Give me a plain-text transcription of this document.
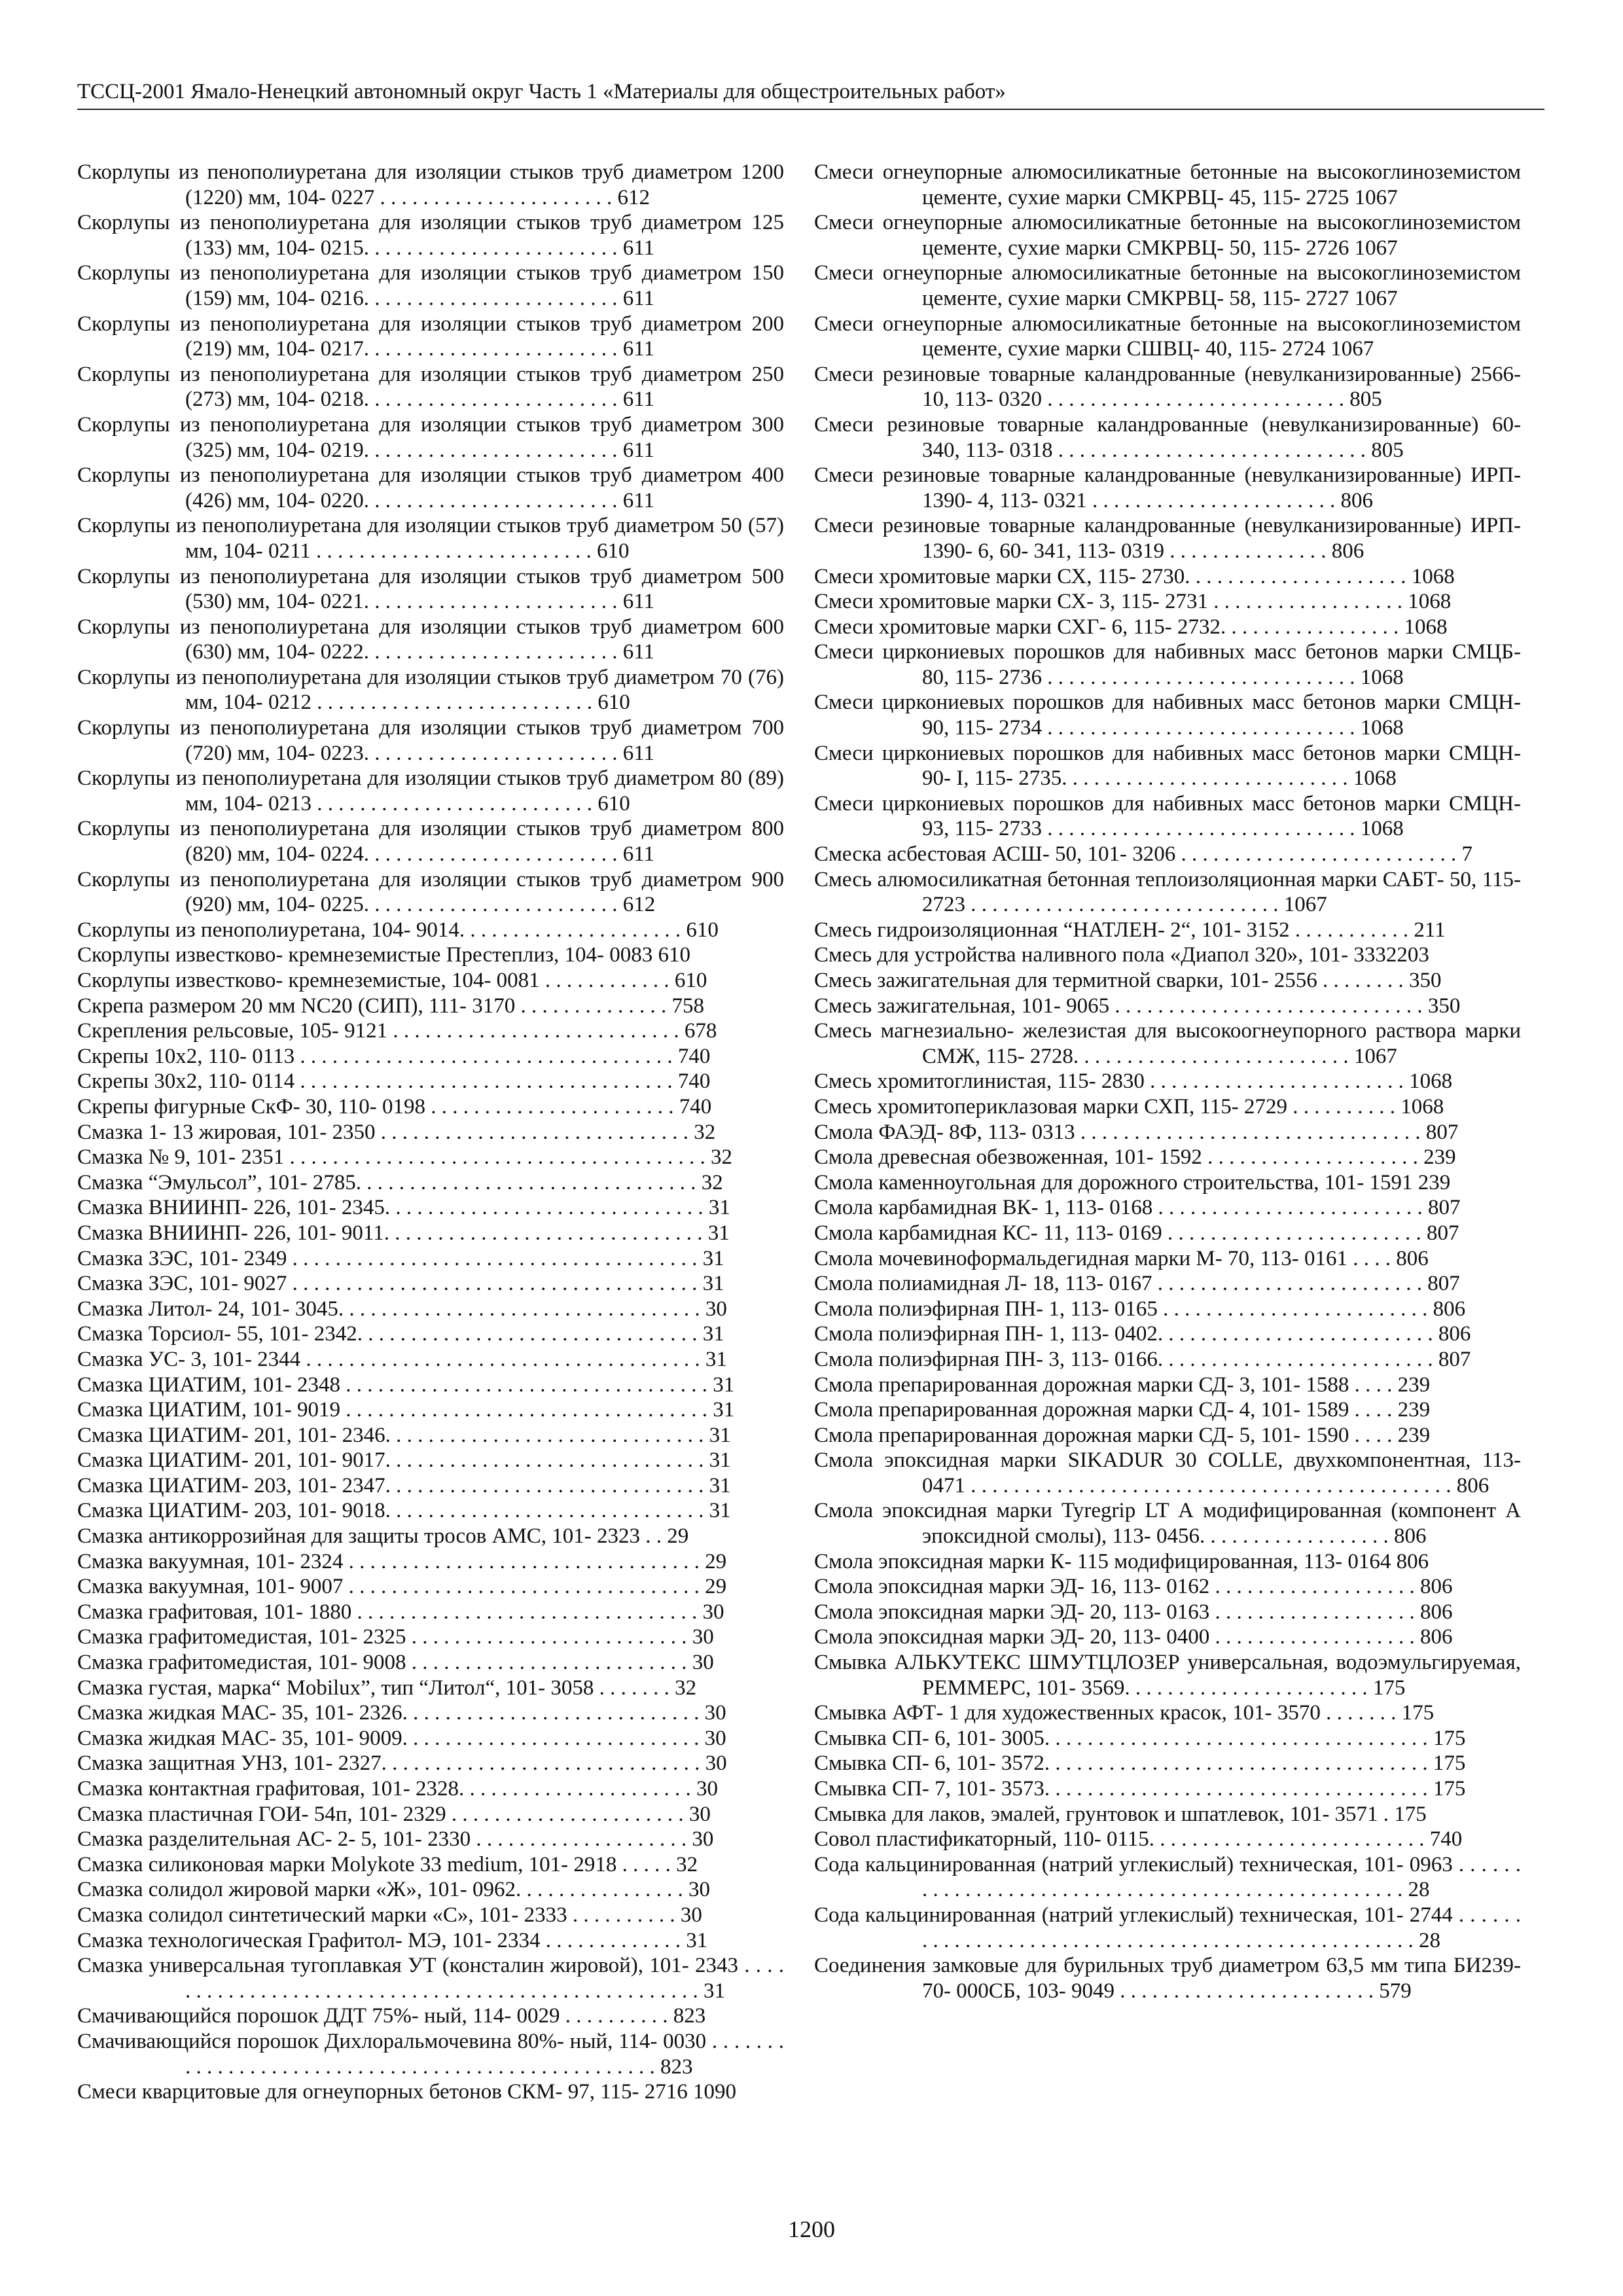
ТССЦ-2001 Ямало-Ненецкий автономный округ Часть 1 «Материалы для общестроительных работ»

Скорлупы из пенополиуретана для изоляции стыков труб диаметром 1200 (1220) мм, 104- 0227 . . . . . . . . . . . . . . . . . . . . . . 612

Скорлупы из пенополиуретана для изоляции стыков труб диаметром 125 (133) мм, 104- 0215. . . . . . . . . . . . . . . . . . . . . . . . 611

Скорлупы из пенополиуретана для изоляции стыков труб диаметром 150 (159) мм, 104- 0216. . . . . . . . . . . . . . . . . . . . . . . . 611

Скорлупы из пенополиуретана для изоляции стыков труб диаметром 200 (219) мм, 104- 0217. . . . . . . . . . . . . . . . . . . . . . . . 611

Скорлупы из пенополиуретана для изоляции стыков труб диаметром 250 (273) мм, 104- 0218. . . . . . . . . . . . . . . . . . . . . . . . 611

Скорлупы из пенополиуретана для изоляции стыков труб диаметром 300 (325) мм, 104- 0219. . . . . . . . . . . . . . . . . . . . . . . . 611

Скорлупы из пенополиуретана для изоляции стыков труб диаметром 400 (426) мм, 104- 0220. . . . . . . . . . . . . . . . . . . . . . . . 611

Скорлупы из пенополиуретана для изоляции стыков труб диаметром 50 (57) мм, 104- 0211 . . . . . . . . . . . . . . . . . . . . . . . . . . 610

Скорлупы из пенополиуретана для изоляции стыков труб диаметром 500 (530) мм, 104- 0221. . . . . . . . . . . . . . . . . . . . . . . . 611

Скорлупы из пенополиуретана для изоляции стыков труб диаметром 600 (630) мм, 104- 0222. . . . . . . . . . . . . . . . . . . . . . . . 611

Скорлупы из пенополиуретана для изоляции стыков труб диаметром 70 (76) мм, 104- 0212 . . . . . . . . . . . . . . . . . . . . . . . . . . 610

Скорлупы из пенополиуретана для изоляции стыков труб диаметром 700 (720) мм, 104- 0223. . . . . . . . . . . . . . . . . . . . . . . . 611

Скорлупы из пенополиуретана для изоляции стыков труб диаметром 80 (89) мм, 104- 0213 . . . . . . . . . . . . . . . . . . . . . . . . . . 610

Скорлупы из пенополиуретана для изоляции стыков труб диаметром 800 (820) мм, 104- 0224. . . . . . . . . . . . . . . . . . . . . . . . 611

Скорлупы из пенополиуретана для изоляции стыков труб диаметром 900 (920) мм, 104- 0225. . . . . . . . . . . . . . . . . . . . . . . . 612

Скорлупы из пенополиуретана, 104- 9014. . . . . . . . . . . . . . . . . . . . . 610

Скорлупы известково- кремнеземистые Престеплиз, 104- 0083 610

Скорлупы известково- кремнеземистые, 104- 0081 . . . . . . . . . . . . 610

Скрепа размером 20 мм NC20 (СИП), 111- 3170 . . . . . . . . . . . . . . 758

Скрепления рельсовые, 105- 9121 . . . . . . . . . . . . . . . . . . . . . . . . . . . 678

Скрепы 10х2, 110- 0113 . . . . . . . . . . . . . . . . . . . . . . . . . . . . . . . . . . . 740

Скрепы 30х2, 110- 0114 . . . . . . . . . . . . . . . . . . . . . . . . . . . . . . . . . . . 740

Скрепы фигурные СкФ- 30, 110- 0198 . . . . . . . . . . . . . . . . . . . . . . . 740

Смазка 1- 13 жировая, 101- 2350 . . . . . . . . . . . . . . . . . . . . . . . . . . . . . 32

Смазка № 9, 101- 2351 . . . . . . . . . . . . . . . . . . . . . . . . . . . . . . . . . . . . . . . 32

Смазка “Эмульсол”, 101- 2785. . . . . . . . . . . . . . . . . . . . . . . . . . . . . . . . 32

Смазка ВНИИНП- 226, 101- 2345. . . . . . . . . . . . . . . . . . . . . . . . . . . . . . 31

Смазка ВНИИНП- 226, 101- 9011. . . . . . . . . . . . . . . . . . . . . . . . . . . . . . 31

Смазка ЗЭС, 101- 2349 . . . . . . . . . . . . . . . . . . . . . . . . . . . . . . . . . . . . . . 31

Смазка ЗЭС, 101- 9027 . . . . . . . . . . . . . . . . . . . . . . . . . . . . . . . . . . . . . . 31

Смазка Литол- 24, 101- 3045. . . . . . . . . . . . . . . . . . . . . . . . . . . . . . . . . . 30

Смазка Торсиол- 55, 101- 2342. . . . . . . . . . . . . . . . . . . . . . . . . . . . . . . . 31

Смазка УС- 3, 101- 2344 . . . . . . . . . . . . . . . . . . . . . . . . . . . . . . . . . . . . . 31

Смазка ЦИАТИМ, 101- 2348 . . . . . . . . . . . . . . . . . . . . . . . . . . . . . . . . . . 31

Смазка ЦИАТИМ, 101- 9019 . . . . . . . . . . . . . . . . . . . . . . . . . . . . . . . . . . 31

Смазка ЦИАТИМ- 201, 101- 2346. . . . . . . . . . . . . . . . . . . . . . . . . . . . . . 31

Смазка ЦИАТИМ- 201, 101- 9017. . . . . . . . . . . . . . . . . . . . . . . . . . . . . . 31

Смазка ЦИАТИМ- 203, 101- 2347. . . . . . . . . . . . . . . . . . . . . . . . . . . . . . 31

Смазка ЦИАТИМ- 203, 101- 9018. . . . . . . . . . . . . . . . . . . . . . . . . . . . . . 31

Смазка антикоррозийная для защиты тросов АМС, 101- 2323 . . 29

Смазка вакуумная, 101- 2324 . . . . . . . . . . . . . . . . . . . . . . . . . . . . . . . . . 29

Смазка вакуумная, 101- 9007 . . . . . . . . . . . . . . . . . . . . . . . . . . . . . . . . . 29

Смазка графитовая, 101- 1880 . . . . . . . . . . . . . . . . . . . . . . . . . . . . . . . . 30

Смазка графитомедистая, 101- 2325 . . . . . . . . . . . . . . . . . . . . . . . . . . 30

Смазка графитомедистая, 101- 9008 . . . . . . . . . . . . . . . . . . . . . . . . . . 30

Смазка густая, марка“ Mobilux”, тип “Литол“, 101- 3058 . . . . . . . 32

Смазка жидкая МАС- 35, 101- 2326. . . . . . . . . . . . . . . . . . . . . . . . . . . . 30

Смазка жидкая МАС- 35, 101- 9009. . . . . . . . . . . . . . . . . . . . . . . . . . . . 30

Смазка защитная УНЗ, 101- 2327. . . . . . . . . . . . . . . . . . . . . . . . . . . . . . 30

Смазка контактная графитовая, 101- 2328. . . . . . . . . . . . . . . . . . . . . . 30

Смазка пластичная ГОИ- 54п, 101- 2329 . . . . . . . . . . . . . . . . . . . . . . 30

Смазка разделительная АС- 2- 5, 101- 2330 . . . . . . . . . . . . . . . . . . . . 30

Смазка силиконовая марки Molykote 33 medium, 101- 2918 . . . . . 32

Смазка солидол жировой марки «Ж», 101- 0962. . . . . . . . . . . . . . . . 30

Смазка солидол синтетический марки «С», 101- 2333 . . . . . . . . . . 30

Смазка технологическая Графитол- МЭ, 101- 2334 . . . . . . . . . . . . . 31

Смазка универсальная тугоплавкая УТ (консталин жировой), 101- 2343 . . . . . . . . . . . . . . . . . . . . . . . . . . . . . . . . . . . . . . . . . . . . . . . . . . . . 31

Смачивающийся порошок ДДТ 75%- ный, 114- 0029 . . . . . . . . . . 823

Смачивающийся порошок Дихлоральмочевина 80%- ный, 114- 0030 . . . . . . . . . . . . . . . . . . . . . . . . . . . . . . . . . . . . . . . . . . . . . . . . . . . 823

Смеси кварцитовые для огнеупорных бетонов СКМ- 97, 115- 2716 1090

Смеси огнеупорные алюмосиликатные бетонные на высокоглиноземистом цементе, сухие марки СМКРВЦ- 45, 115- 2725 1067

Смеси огнеупорные алюмосиликатные бетонные на высокоглиноземистом цементе, сухие марки СМКРВЦ- 50, 115- 2726 1067

Смеси огнеупорные алюмосиликатные бетонные на высокоглиноземистом цементе, сухие марки СМКРВЦ- 58, 115- 2727 1067

Смеси огнеупорные алюмосиликатные бетонные на высокоглиноземистом цементе, сухие марки СШВЦ- 40, 115- 2724 1067

Смеси резиновые товарные каландрованные (невулканизированные) 2566- 10, 113- 0320 . . . . . . . . . . . . . . . . . . . . . . . . . . . . 805

Смеси резиновые товарные каландрованные (невулканизированные) 60- 340, 113- 0318 . . . . . . . . . . . . . . . . . . . . . . . . . . . . . 805

Смеси резиновые товарные каландрованные (невулканизированные) ИРП- 1390- 4, 113- 0321 . . . . . . . . . . . . . . . . . . . . . . . 806

Смеси резиновые товарные каландрованные (невулканизированные) ИРП- 1390- 6, 60- 341, 113- 0319 . . . . . . . . . . . . . . . 806

Смеси хромитовые марки СХ, 115- 2730. . . . . . . . . . . . . . . . . . . . . 1068

Смеси хромитовые марки СХ- 3, 115- 2731 . . . . . . . . . . . . . . . . . . 1068

Смеси хромитовые марки СХГ- 6, 115- 2732. . . . . . . . . . . . . . . . . 1068

Смеси циркониевых порошков для набивных масс бетонов марки СМЦБ- 80, 115- 2736 . . . . . . . . . . . . . . . . . . . . . . . . . . . . . 1068

Смеси циркониевых порошков для набивных масс бетонов марки СМЦН- 90, 115- 2734 . . . . . . . . . . . . . . . . . . . . . . . . . . . . . 1068

Смеси циркониевых порошков для набивных масс бетонов марки СМЦН- 90- I, 115- 2735. . . . . . . . . . . . . . . . . . . . . . . . . . . 1068

Смеси циркониевых порошков для набивных масс бетонов марки СМЦН- 93, 115- 2733 . . . . . . . . . . . . . . . . . . . . . . . . . . . . . 1068

Смеска асбестовая АСШ- 50, 101- 3206 . . . . . . . . . . . . . . . . . . . . . . . . . . 7

Смесь алюмосиликатная бетонная теплоизоляционная марки САБТ- 50, 115- 2723 . . . . . . . . . . . . . . . . . . . . . . . . . . . . . 1067

Смесь гидроизоляционная “НАТЛЕН- 2“, 101- 3152 . . . . . . . . . . . 211

Смесь для устройства наливного пола «Диапол 320», 101- 3332203

Смесь зажигательная для термитной сварки, 101- 2556 . . . . . . . . 350

Смесь зажигательная, 101- 9065 . . . . . . . . . . . . . . . . . . . . . . . . . . . . . 350

Смесь магнезиально- железистая для высокоогнеупорного раствора марки СМЖ, 115- 2728. . . . . . . . . . . . . . . . . . . . . . . . . . 1067

Смесь хромитоглинистая, 115- 2830 . . . . . . . . . . . . . . . . . . . . . . . . 1068

Смесь хромитопериклазовая марки СХП, 115- 2729 . . . . . . . . . . 1068

Смола ФАЭД- 8Ф, 113- 0313 . . . . . . . . . . . . . . . . . . . . . . . . . . . . . . . . 807

Смола древесная обезвоженная, 101- 1592 . . . . . . . . . . . . . . . . . . . . 239

Смола каменноугольная для дорожного строительства, 101- 1591 239

Смола карбамидная ВК- 1, 113- 0168 . . . . . . . . . . . . . . . . . . . . . . . . . 807

Смола карбамидная КС- 11, 113- 0169 . . . . . . . . . . . . . . . . . . . . . . . . 807

Смола мочевиноформальдегидная марки М- 70, 113- 0161 . . . . 806

Смола полиамидная Л- 18, 113- 0167 . . . . . . . . . . . . . . . . . . . . . . . . . 807

Смола полиэфирная ПН- 1, 113- 0165 . . . . . . . . . . . . . . . . . . . . . . . . . 806

Смола полиэфирная ПН- 1, 113- 0402. . . . . . . . . . . . . . . . . . . . . . . . . . 806

Смола полиэфирная ПН- 3, 113- 0166. . . . . . . . . . . . . . . . . . . . . . . . . . 807

Смола препарированная дорожная марки СД- 3, 101- 1588 . . . . 239

Смола препарированная дорожная марки СД- 4, 101- 1589 . . . . 239

Смола препарированная дорожная марки СД- 5, 101- 1590 . . . . 239

Смола эпоксидная марки SIKADUR 30 COLLE, двухкомпонентная, 113- 0471 . . . . . . . . . . . . . . . . . . . . . . . . . . . . . . . . . . . . . . . . . . . . . 806

Смола эпоксидная марки Tyregrip LT А модифицированная (компонент А эпоксидной смолы), 113- 0456. . . . . . . . . . . . . . . . . . 806

Смола эпоксидная марки К- 115 модифицированная, 113- 0164 806

Смола эпоксидная марки ЭД- 16, 113- 0162 . . . . . . . . . . . . . . . . . . . 806

Смола эпоксидная марки ЭД- 20, 113- 0163 . . . . . . . . . . . . . . . . . . . 806

Смола эпоксидная марки ЭД- 20, 113- 0400 . . . . . . . . . . . . . . . . . . . 806

Смывка АЛЬКУТЕКС ШМУТЦЛОЗЕР универсальная, водоэмульгируемая, РЕММЕРС, 101- 3569. . . . . . . . . . . . . . . . . . . . . . . 175

Смывка АФТ- 1 для художественных красок, 101- 3570 . . . . . . . 175

Смывка СП- 6, 101- 3005. . . . . . . . . . . . . . . . . . . . . . . . . . . . . . . . . . . . 175

Смывка СП- 6, 101- 3572. . . . . . . . . . . . . . . . . . . . . . . . . . . . . . . . . . . . 175

Смывка СП- 7, 101- 3573. . . . . . . . . . . . . . . . . . . . . . . . . . . . . . . . . . . . 175

Смывка для лаков, эмалей, грунтовок и шпатлевок, 101- 3571 . 175

Совол пластификаторный, 110- 0115. . . . . . . . . . . . . . . . . . . . . . . . . . 740

Сода кальцинированная (натрий углекислый) техническая, 101- 0963 . . . . . . . . . . . . . . . . . . . . . . . . . . . . . . . . . . . . . . . . . . . . . . . . . . . 28

Сода кальцинированная (натрий углекислый) техническая, 101- 2744 . . . . . . . . . . . . . . . . . . . . . . . . . . . . . . . . . . . . . . . . . . . . . . . . . . . . 28

Соединения замковые для бурильных труб диаметром 63,5 мм типа БИ239- 70- 000СБ, 103- 9049 . . . . . . . . . . . . . . . . . . . . . . . . 579

1200
